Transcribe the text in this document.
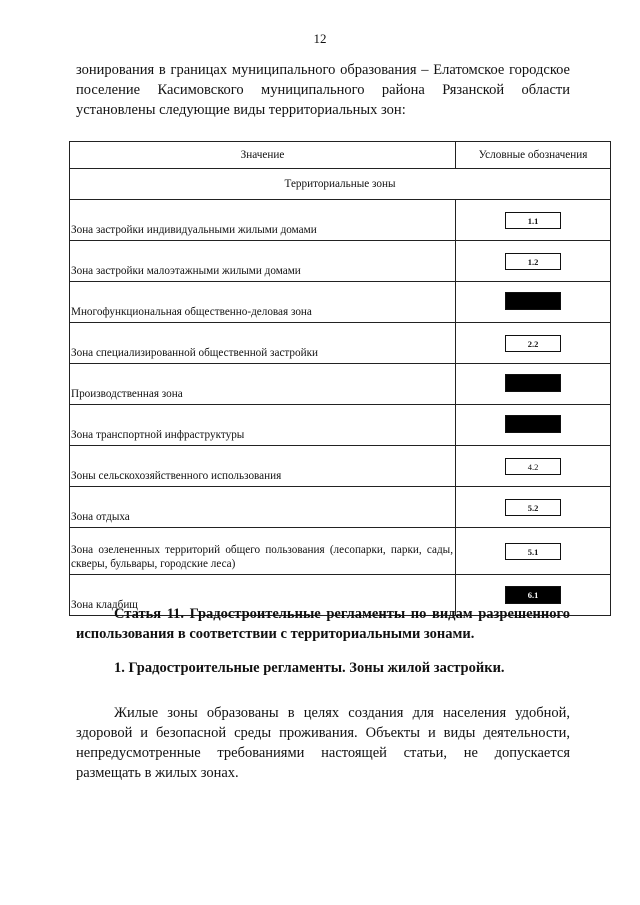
12

зонирования в границах муниципального образования – Елатомское городское поселение Касимовского муниципального района Рязанской области установлены следующие виды территориальных зон:

Значение	Условные обозначения
Территориальные зоны	
Зона застройки индивидуальными жилыми домами	1.1
Зона застройки малоэтажными жилыми домами	1.2
Многофункциональная общественно-деловая зона	
Зона специализированной общественной застройки	2.2
Производственная зона	
Зона транспортной инфраструктуры	
Зоны сельскохозяйственного использования	4.2
Зона отдыха	5.2
Зона озелененных территорий общего пользования (лесопарки, парки, сады, скверы, бульвары, городские леса)	5.1
Зона кладбищ	6.1

Статья 11. Градостроительные регламенты по видам разрешенного использования в соответствии с территориальными зонами.

1. Градостроительные регламенты. Зоны жилой застройки.

Жилые зоны образованы в целях создания для населения удобной, здоровой и безопасной среды проживания. Объекты и виды деятельности, непредусмотренные требованиями настоящей статьи, не допускается размещать в жилых зонах.
